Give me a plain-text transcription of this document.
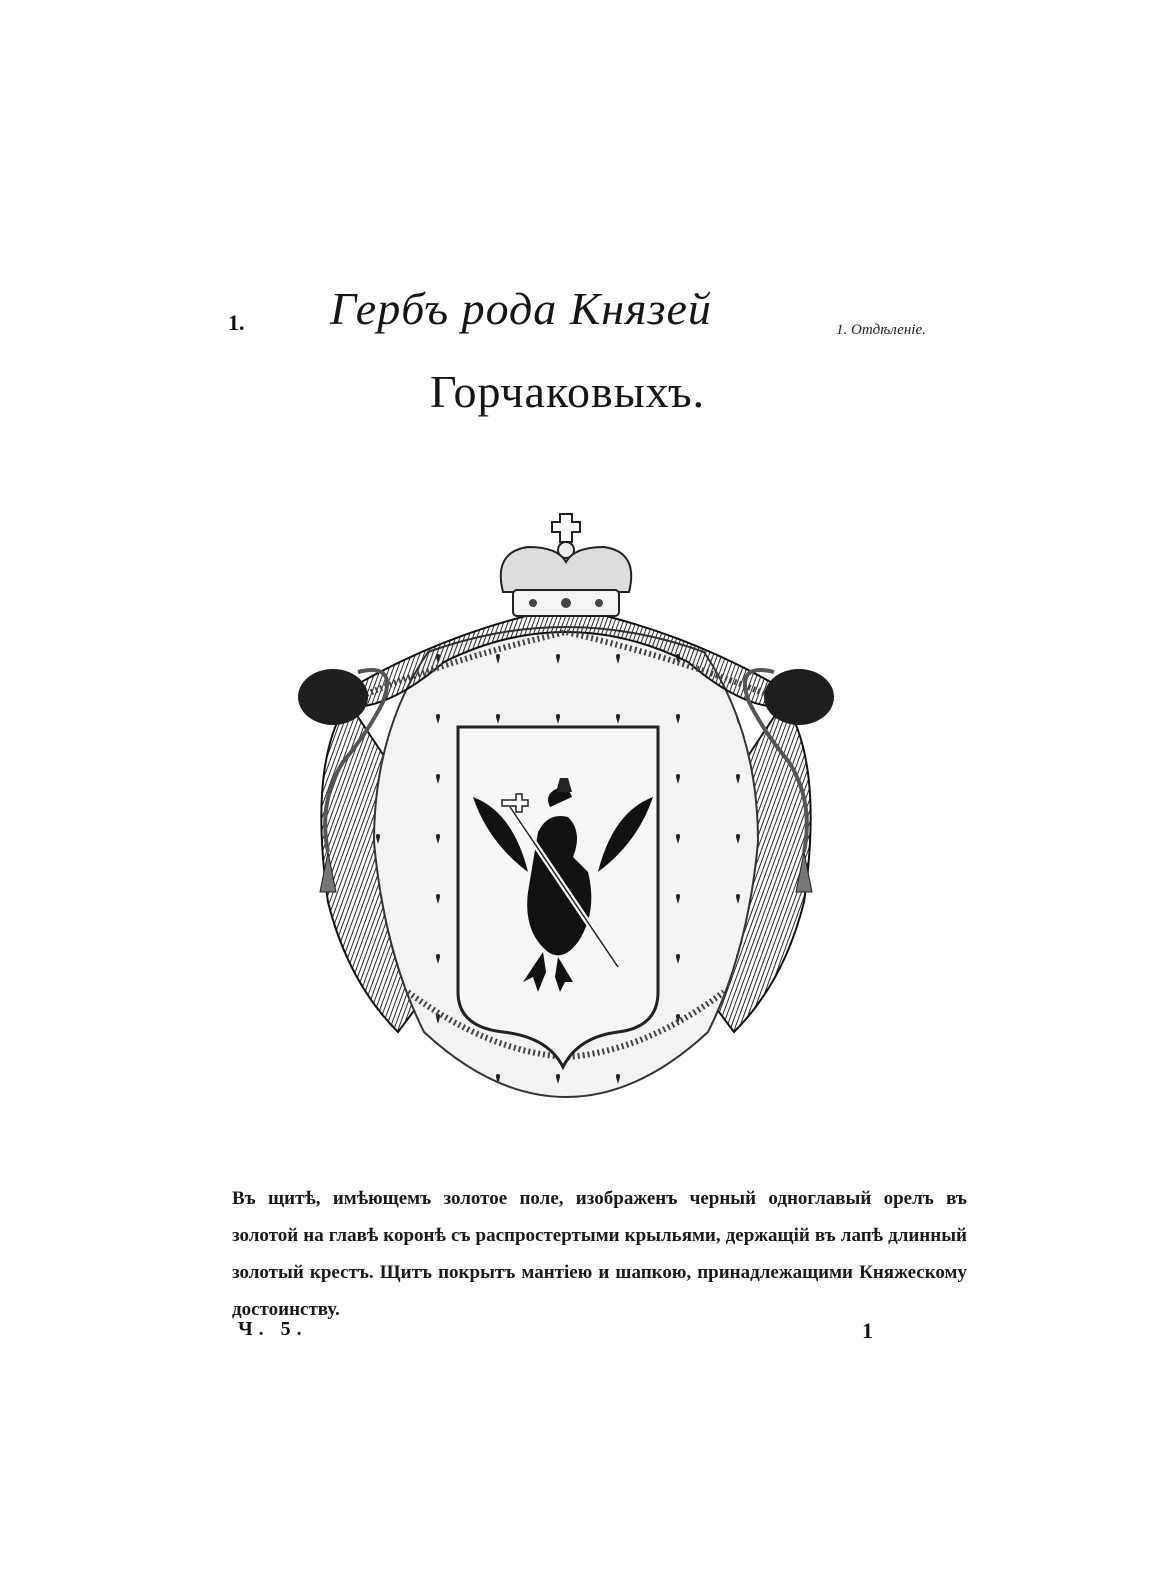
1. Гербъ рода Князей	1. Отдѣленіе.
Горчаковыхъ.

Въ щитѣ, имѣющемъ золотое поле, изображенъ черный одноглавый орелъ въ золотой на главѣ коронѣ съ распростертыми крыльями, держащій въ лапѣ длинный золотый крестъ. Щитъ покрытъ мантіею и шапкою, принадлежащими Княжескому достоинству.

Ч. 5.	1
